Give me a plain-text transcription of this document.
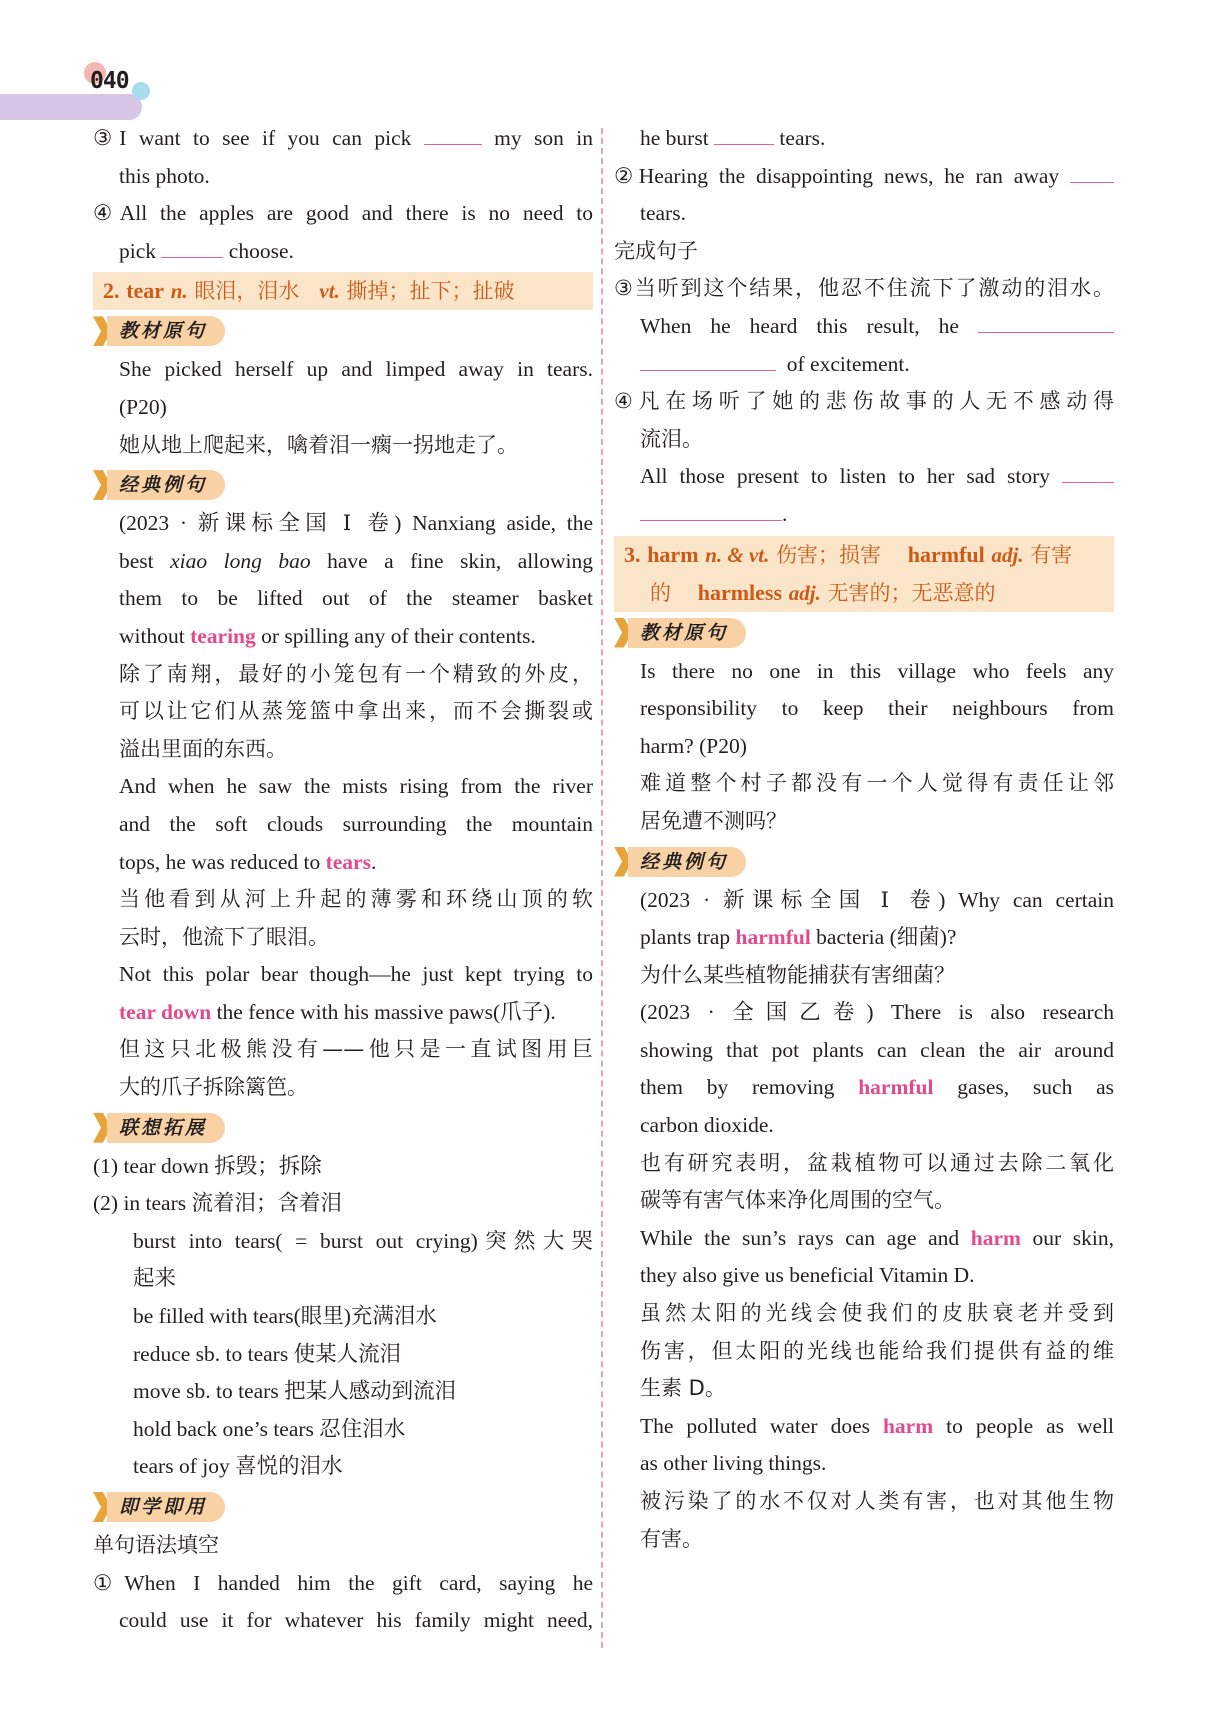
040
③I want to see if you can pick	my son in
this photo.
④All the apples are good and there is no need to
pick	choose.
2. tear n. 眼泪，泪水 vt. 撕掉；扯下；扯破
教材原句
She picked herself up and limped away in tears.
(P20)
她从地上爬起来，噙着泪一瘸一拐地走了。
经典例句
(2023 · 新课标全国 Ⅰ 卷) Nanxiang aside, the
best xiao long bao have a fine skin, allowing
them to be lifted out of the steamer basket
without tearing or spilling any of their contents.
除了南翔，最好的小笼包有一个精致的外皮，
可以让它们从蒸笼篮中拿出来，而不会撕裂或
溢出里面的东西。
And when he saw the mists rising from the river
and the soft clouds surrounding the mountain
tops, he was reduced to tears.
当他看到从河上升起的薄雾和环绕山顶的软
云时，他流下了眼泪。
Not this polar bear though—he just kept trying to
tear down the fence with his massive paws(爪子).
但这只北极熊没有——他只是一直试图用巨
大的爪子拆除篱笆。
联想拓展
(1) tear down 拆毁；拆除
(2) in tears 流着泪；含着泪
burst into tears( = burst out crying)突然大哭
起来
be filled with tears(眼里)充满泪水
reduce sb. to tears 使某人流泪
move sb. to tears 把某人感动到流泪
hold back one’s tears 忍住泪水
tears of joy 喜悦的泪水
即学即用
单句语法填空
①When I handed him the gift card, saying he
could use it for whatever his family might need,
he burst	tears.
②Hearing the disappointing news, he ran away
tears.
完成句子
③当听到这个结果，他忍不住流下了激动的泪水。
When he heard this result, he
of excitement.
④凡在场听了她的悲伤故事的人无不感动得
流泪。
All those present to listen to her sad story
.
3. harm n. & vt. 伤害；损害 harmful adj. 有害
的 harmless adj. 无害的；无恶意的
教材原句
Is there no one in this village who feels any
responsibility to keep their neighbours from
harm? (P20)
难道整个村子都没有一个人觉得有责任让邻
居免遭不测吗？
经典例句
(2023 · 新课标全国 Ⅰ 卷) Why can certain
plants trap harmful bacteria (细菌)?
为什么某些植物能捕获有害细菌？
(2023 · 全国乙卷) There is also research
showing that pot plants can clean the air around
them by removing harmful gases, such as
carbon dioxide.
也有研究表明，盆栽植物可以通过去除二氧化
碳等有害气体来净化周围的空气。
While the sun’s rays can age and harm our skin,
they also give us beneficial Vitamin D.
虽然太阳的光线会使我们的皮肤衰老并受到
伤害，但太阳的光线也能给我们提供有益的维
生素 D。
The polluted water does harm to people as well
as other living things.
被污染了的水不仅对人类有害，也对其他生物
有害。
